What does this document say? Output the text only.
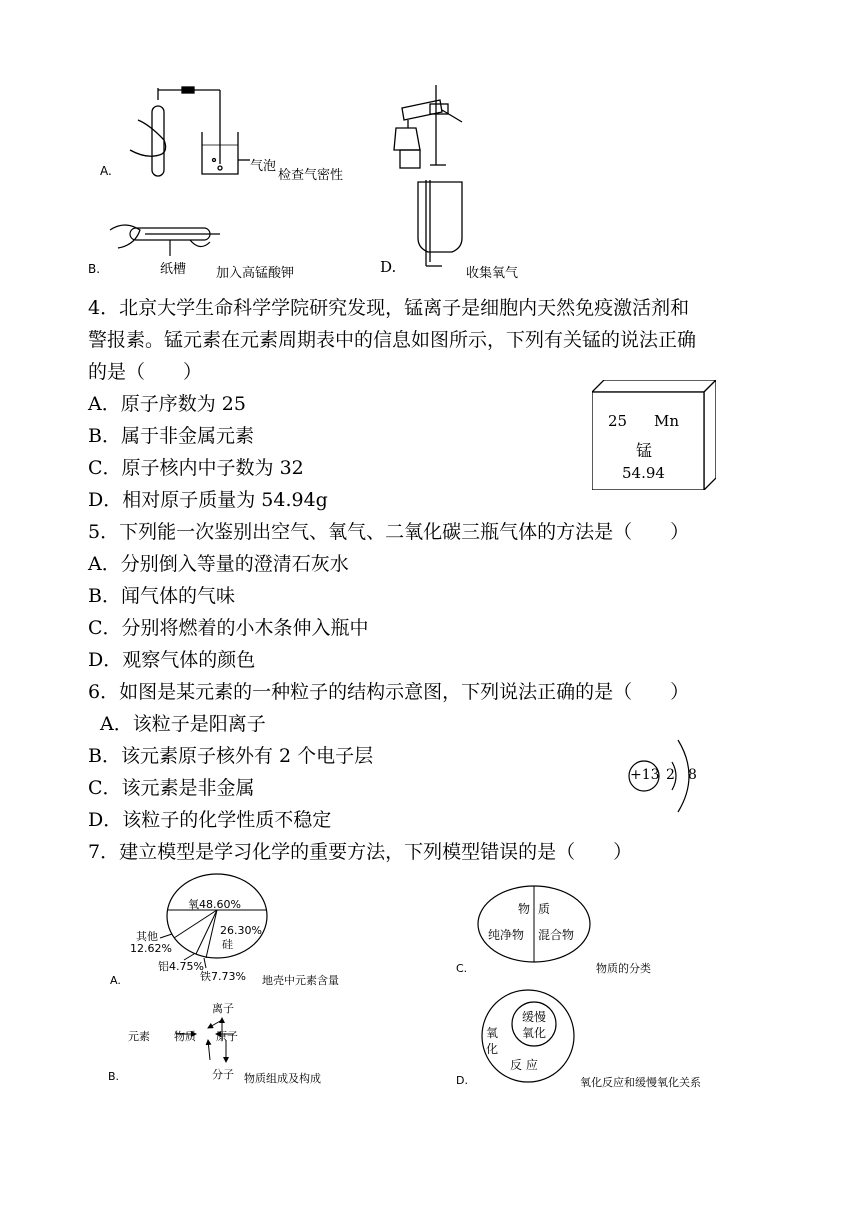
A.	气泡
检查气密性
B.	纸槽 加入高锰酸钾	D.	收集氧气
4．北京大学生命科学学院研究发现，锰离子是细胞内天然免疫激活剂和
警报素。锰元素在元素周期表中的信息如图所示，下列有关锰的说法正确
的是（　　）
A．原子序数为 25
B．属于非金属元素
C．原子核内中子数为 32
D．相对原子质量为 54.94g
25 Mn
锰
54.94
5．下列能一次鉴别出空气、氧气、二氧化碳三瓶气体的方法是（　　）
A．分别倒入等量的澄清石灰水
B．闻气体的气味
C．分别将燃着的小木条伸入瓶中
D．观察气体的颜色
6．如图是某元素的一种粒子的结构示意图，下列说法正确的是（　　）
A．该粒子是阳离子
B．该元素原子核外有 2 个电子层
C．该元素是非金属
D．该粒子的化学性质不稳定
+13 2 8
7．建立模型是学习化学的重要方法，下列模型错误的是（　　）
氧48.60%
26.30%
硅
其他
12.62%
铝4.75%
铁7.73%
A.	地壳中元素含量
离子
元素 物质 原子
分子
B.	物质组成及构成
物 质
纯净物 混合物
C.	物质的分类
缓慢
氧化
氧
化
反 应
D.	氧化反应和缓慢氧化关系
